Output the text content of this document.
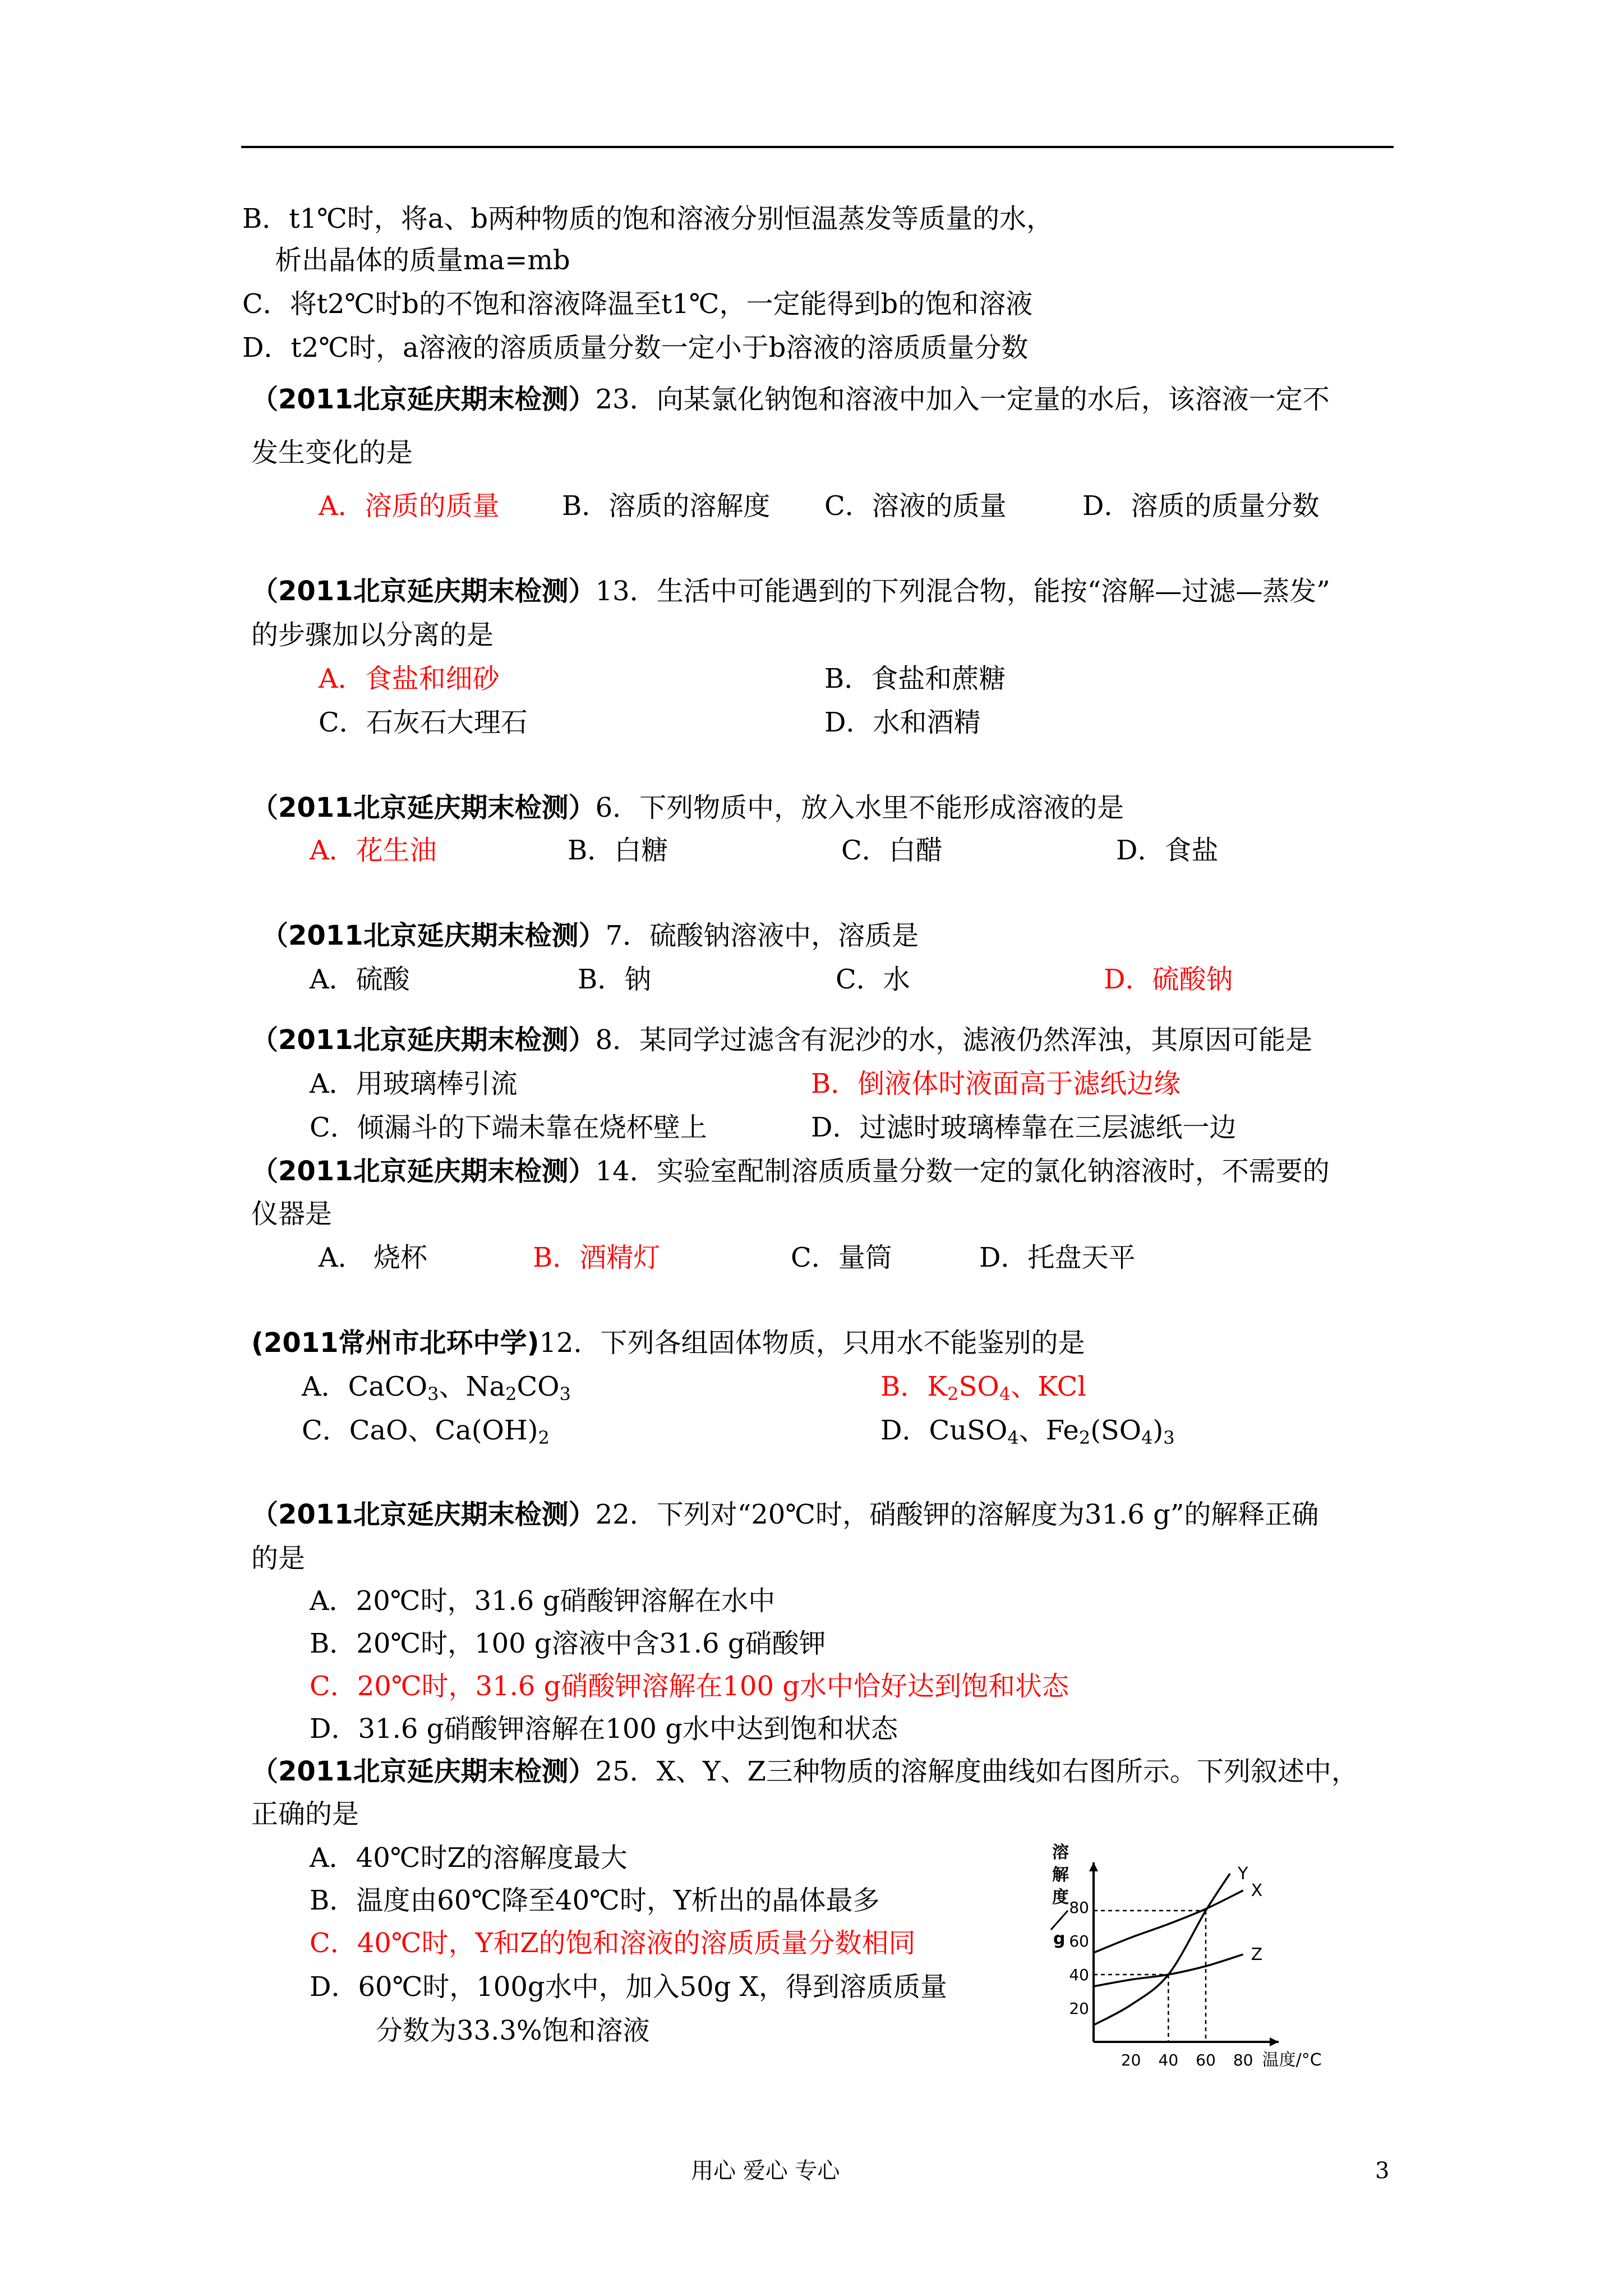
B．t1℃时，将a、b两种物质的饱和溶液分别恒温蒸发等质量的水，
析出晶体的质量ma=mb
C．将t2℃时b的不饱和溶液降温至t1℃，一定能得到b的饱和溶液
D．t2℃时，a溶液的溶质质量分数一定小于b溶液的溶质质量分数
（2011北京延庆期末检测）23．向某氯化钠饱和溶液中加入一定量的水后，该溶液一定不
发生变化的是
A．溶质的质量 B．溶质的溶解度 C．溶液的质量	D．溶质的质量分数
（2011北京延庆期末检测）13．生活中可能遇到的下列混合物，能按“溶解—过滤—蒸发”
的步骤加以分离的是
A．食盐和细砂	B．食盐和蔗糖
C．石灰石大理石	D．水和酒精
（2011北京延庆期末检测）6．下列物质中，放入水里不能形成溶液的是
A．花生油	B．白糖	C．白醋	D．食盐
（2011北京延庆期末检测）7．硫酸钠溶液中，溶质是
A．硫酸	B．钠	C．水	D．硫酸钠
（2011北京延庆期末检测）8．某同学过滤含有泥沙的水，滤液仍然浑浊，其原因可能是
A．用玻璃棒引流	B．倒液体时液面高于滤纸边缘
C．倾漏斗的下端未靠在烧杯壁上	D．过滤时玻璃棒靠在三层滤纸一边
（2011北京延庆期末检测）14．实验室配制溶质质量分数一定的氯化钠溶液时，不需要的
仪器是
A． 烧杯	B．酒精灯	C．量筒	D．托盘天平
(2011常州市北环中学)12．下列各组固体物质，只用水不能鉴别的是
A．CaCO$_3$、$Na_2CO_3$	B．$K_2SO_4$、KCl
C．CaO、$Ca(OH)_2$	D．CuSO$_4$、$Fe_2(SO_4)_3$
（2011北京延庆期末检测）22．下列对“20℃时，硝酸钾的溶解度为31.6 g”的解释正确
的是
A．20℃时，31.6 g硝酸钾溶解在水中
B．20℃时，100 g溶液中含31.6 g硝酸钾
C．20℃时，31.6 g硝酸钾溶解在100 g水中恰好达到饱和状态
D．31.6 g硝酸钾溶解在100 g水中达到饱和状态
（2011北京延庆期末检测）25．X、Y、Z三种物质的溶解度曲线如右图所示。下列叙述中，
正确的是
A．40℃时Z的溶解度最大
B．温度由60℃降至40℃时，Y析出的晶体最多
C．40℃时，Y和Z的饱和溶液的溶质质量分数相同
D．60℃时，100g水中，加入50g X，得到溶质质量
分数为33.3%饱和溶液
20 40 60 80
20
40
60
80
X
Y
Z
温度/°C
溶
解
度
g
用心 爱心 专心	3
